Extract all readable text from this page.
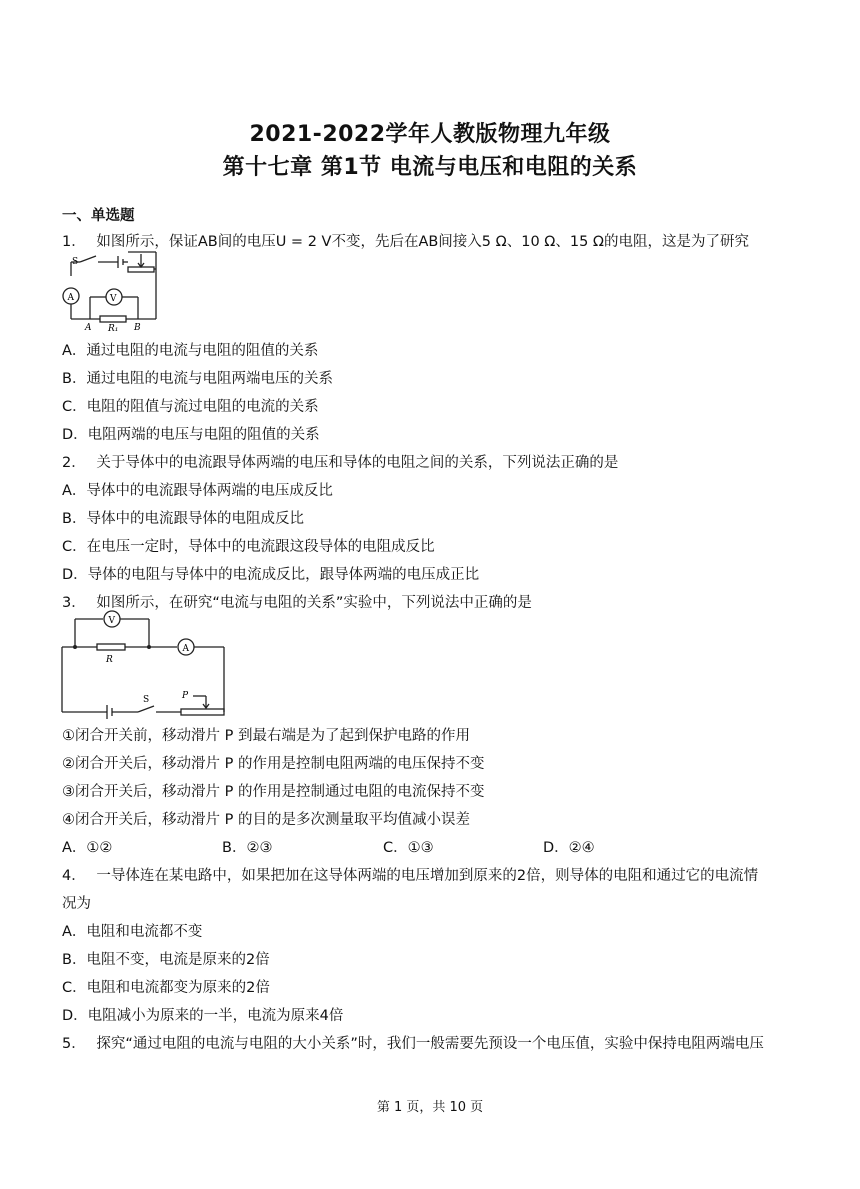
2021-2022学年人教版物理九年级
第十七章 第1节 电流与电压和电阻的关系
一、单选题
1． 如图所示，保证AB间的电压U = 2 V不变，先后在AB间接入5 Ω、10 Ω、15 Ω的电阻，这是为了研究
S
A	V
A R₁ B
A．通过电阻的电流与电阻的阻值的关系
B．通过电阻的电流与电阻两端电压的关系
C．电阻的阻值与流过电阻的电流的关系
D．电阻两端的电压与电阻的阻值的关系
2． 关于导体中的电流跟导体两端的电压和导体的电阻之间的关系，下列说法正确的是
A．导体中的电流跟导体两端的电压成反比
B．导体中的电流跟导体的电阻成反比
C．在电压一定时，导体中的电流跟这段导体的电阻成反比
D．导体的电阻与导体中的电流成反比，跟导体两端的电压成正比
3． 如图所示，在研究“电流与电阻的关系”实验中，下列说法中正确的是
V
R
A
S	P
①闭合开关前，移动滑片 P 到最右端是为了起到保护电路的作用
②闭合开关后，移动滑片 P 的作用是控制电阻两端的电压保持不变
③闭合开关后，移动滑片 P 的作用是控制通过电阻的电流保持不变
④闭合开关后，移动滑片 P 的目的是多次测量取平均值减小误差
A．①②	B．②③	C．①③	D．②④
4． 一导体连在某电路中，如果把加在这导体两端的电压增加到原来的2倍，则导体的电阻和通过它的电流情
况为
A．电阻和电流都不变
B．电阻不变，电流是原来的2倍
C．电阻和电流都变为原来的2倍
D．电阻减小为原来的一半，电流为原来4倍
5． 探究“通过电阻的电流与电阻的大小关系”时，我们一般需要先预设一个电压值，实验中保持电阻两端电压
第 1 页，共 10 页
